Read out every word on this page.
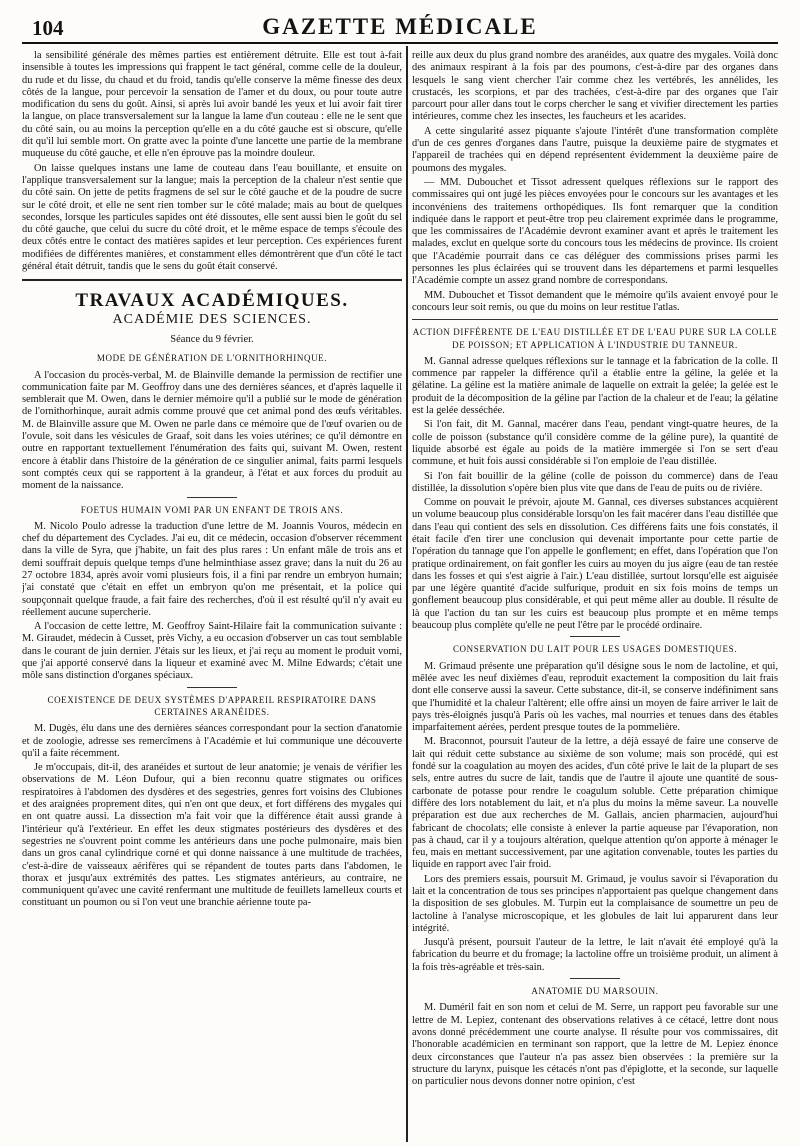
104	GAZETTE MÉDICALE

la sensibilité générale des mêmes parties est entièrement détruite. Elle est tout à-fait insensible à toutes les impressions qui frappent le tact général, comme celle de la douleur, du rude et du lisse, du chaud et du froid, tandis qu'elle conserve la même finesse des deux côtés de la langue, pour percevoir la sensation de l'amer et du doux, ou pour toute autre modification du sens du goût. Ainsi, si après lui avoir bandé les yeux et lui avoir fait tirer la langue, on place transversalement sur la langue la lame d'un couteau : elle ne le sent que du côté sain, ou au moins la perception qu'elle en a du côté gauche est si obscure, qu'elle dit qu'il lui semble mort. On gratte avec la pointe d'une lancette une partie de la membrane muqueuse du côté gauche, et elle n'en éprouve pas la moindre douleur.

On laisse quelques instans une lame de couteau dans l'eau bouillante, et ensuite on l'applique transversalement sur la langue; mais la perception de la chaleur n'est sentie que du côté sain. On jette de petits fragmens de sel sur le côté gauche et de la poudre de sucre sur le côté droit, et elle ne sent rien tomber sur le côté malade; mais au bout de quelques secondes, lorsque les particules sapides ont été dissoutes, elle sent aussi bien le goût du sel du côté gauche, que celui du sucre du côté droit, et le même espace de temps s'écoule des deux côtés entre le contact des matières sapides et leur perception. Ces expériences furent modifiées de différentes manières, et constamment elles démontrèrent que d'un côté le tact général était détruit, tandis que le sens du goût était conservé.

TRAVAUX ACADÉMIQUES.
ACADÉMIE DES SCIENCES.
Séance du 9 février.
MODE DE GÉNÉRATION DE L'ORNITHORHINQUE.

A l'occasion du procès-verbal, M. de Blainville demande la permission de rectifier une communication faite par M. Geoffroy dans une des dernières séances, et d'après laquelle il semblerait que M. Owen, dans le dernier mémoire qu'il a publié sur le mode de génération de l'ornithorhinque, aurait admis comme prouvé que cet animal pond des œufs véritables. M. de Blainville assure que M. Owen ne parle dans ce mémoire que de l'œuf ovarien ou de l'ovule, soit dans les vésicules de Graaf, soit dans les voies utérines; ce qu'il démontre en outre en rapportant textuellement l'énumération des faits qui, suivant M. Owen, restent encore à établir dans l'histoire de la génération de ce singulier animal, faits parmi lesquels sont comptés ceux qui se rapportent à la grandeur, à l'état et aux forces du produit au moment de la naissance.

FOETUS HUMAIN VOMI PAR UN ENFANT DE TROIS ANS.

M. Nicolo Poulo adresse la traduction d'une lettre de M. Joannis Vouros, médecin en chef du département des Cyclades. J'ai eu, dit ce médecin, occasion d'observer récemment dans la ville de Syra, que j'habite, un fait des plus rares : Un enfant mâle de trois ans et demi souffrait depuis quelque temps d'une helminthiase assez grave; dans la nuit du 26 au 27 octobre 1834, après avoir vomi plusieurs fois, il a fini par rendre un embryon humain; j'ai constaté que c'était en effet un embryon qu'on me présentait, et la police qui soupçonnait quelque fraude, a fait faire des recherches, d'où il est résulté qu'il n'y avait eu réellement aucune supercherie.

A l'occasion de cette lettre, M. Geoffroy Saint-Hilaire fait la communication suivante : M. Giraudet, médecin à Cusset, près Vichy, a eu occasion d'observer un cas tout semblable dans le courant de juin dernier. J'étais sur les lieux, et j'ai reçu au moment le produit vomi, que j'ai apporté conservé dans la liqueur et examiné avec M. Milne Edwards; c'était une môle sans distinction d'organes spéciaux.

COEXISTENCE DE DEUX SYSTÈMES D'APPAREIL RESPIRATOIRE DANS CERTAINES ARANÉIDES.

M. Dugès, élu dans une des dernières séances correspondant pour la section d'anatomie et de zoologie, adresse ses remercîmens à l'Académie et lui communique une découverte qu'il a faite récemment.

Je m'occupais, dit-il, des aranéides et surtout de leur anatomie; je venais de vérifier les observations de M. Léon Dufour, qui a bien reconnu quatre stigmates ou orifices respiratoires à l'abdomen des dysdères et des segestries, genres fort voisins des Clubiones et des araignées proprement dites, qui n'en ont que deux, et fort différens des mygales qui en ont quatre aussi. La dissection m'a fait voir que la différence était aussi grande à l'intérieur qu'à l'extérieur. En effet les deux stigmates postérieurs des dysdères et des segestries ne s'ouvrent point comme les antérieurs dans une poche pulmonaire, mais bien dans un gros canal cylindrique corné et qui donne naissance à une multitude de trachées, c'est-à-dire de vaisseaux aérifères qui se répandent de toutes parts dans l'abdomen, le thorax et jusqu'aux extrémités des pattes. Les stigmates antérieurs, au contraire, ne communiquent qu'avec une cavité renfermant une multitude de feuillets lamelleux courts et constituant un poumon ou si l'on veut une branchie aérienne toute pa-

reille aux deux du plus grand nombre des aranéides, aux quatre des mygales. Voilà donc des animaux respirant à la fois par des poumons, c'est-à-dire par des organes dans lesquels le sang vient chercher l'air comme chez les vertébrés, les annélides, les crustacés, les scorpions, et par des trachées, c'est-à-dire par des organes que l'air parcourt pour aller dans tout le corps chercher le sang et vivifier directement les parties intérieures, comme chez les insectes, les faucheurs et les acarides.

A cette singularité assez piquante s'ajoute l'intérêt d'une transformation complète d'un de ces genres d'organes dans l'autre, puisque la deuxième paire de stygmates et l'appareil de trachées qui en dépend représentent évidemment la deuxième paire de poumons des mygales.

— MM. Dubouchet et Tissot adressent quelques réflexions sur le rapport des commissaires qui ont jugé les pièces envoyées pour le concours sur les avantages et les inconvéniens des traitemens orthopédiques. Ils font remarquer que la condition indiquée dans le rapport et peut-être trop peu clairement exprimée dans le programme, que les commissaires de l'Académie devront examiner avant et après le traitement les malades, exclut en quelque sorte du concours tous les médecins de province. Ils croient que l'Académie pourrait dans ce cas déléguer des commissions prises parmi les personnes les plus éclairées qui se trouvent dans les départemens et parmi lesquelles l'Académie compte un assez grand nombre de correspondans.

MM. Dubouchet et Tissot demandent que le mémoire qu'ils avaient envoyé pour le concours leur soit remis, ou que du moins on leur restitue l'atlas.

ACTION DIFFÉRENTE DE L'EAU DISTILLÉE ET DE L'EAU PURE SUR LA COLLE DE POISSON; ET APPLICATION À L'INDUSTRIE DU TANNEUR.

M. Gannal adresse quelques réflexions sur le tannage et la fabrication de la colle. Il commence par rappeler la différence qu'il a établie entre la géline, la gelée et la gélatine. La géline est la matière animale de laquelle on extrait la gelée; la gelée est le produit de la décomposition de la géline par l'action de la chaleur et de l'eau; la gélatine est la gelée desséchée.

Si l'on fait, dit M. Gannal, macérer dans l'eau, pendant vingt-quatre heures, de la colle de poisson (substance qu'il considère comme de la géline pure), la quantité de liquide absorbé est égale au poids de la matière immergée si l'on se sert d'eau commune, et huit fois aussi considérable si l'on emploie de l'eau distillée.

Si l'on fait bouillir de la géline (colle de poisson du commerce) dans de l'eau distillée, la dissolution s'opère bien plus vite que dans de l'eau de puits ou de rivière.

Comme on pouvait le prévoir, ajoute M. Gannal, ces diverses substances acquièrent un volume beaucoup plus considérable lorsqu'on les fait macérer dans l'eau distillée que dans l'eau qui contient des sels en dissolution. Ces différens faits une fois constatés, il était facile d'en tirer une conclusion qui devenait importante pour cette partie de l'opération du tannage que l'on appelle le gonflement; en effet, dans l'opération que l'on pratique ordinairement, on fait gonfler les cuirs au moyen du jus aigre (eau de tan restée dans les fosses et qui s'est aigrie à l'air.) L'eau distillée, surtout lorsqu'elle est aiguisée par une légère quantité d'acide sulfurique, produit en six fois moins de temps un gonflement beaucoup plus considérable, et qui peut même aller au double. Il résulte de là que l'action du tan sur les cuirs est beaucoup plus prompte et en même temps beaucoup plus complète qu'elle ne peut l'être par le procédé ordinaire.

CONSERVATION DU LAIT POUR LES USAGES DOMESTIQUES.

M. Grimaud présente une préparation qu'il désigne sous le nom de lactoline, et qui, mêlée avec les neuf dixièmes d'eau, reproduit exactement la composition du lait frais dont elle conserve aussi la saveur. Cette substance, dit-il, se conserve indéfiniment sans que l'humidité et la chaleur l'altèrent; elle offre ainsi un moyen de faire arriver le lait de pays très-éloignés jusqu'à Paris où les vaches, mal nourries et tenues dans des étables imparfaitement aérées, perdent presque toutes de la pommelière.

M. Braconnot, poursuit l'auteur de la lettre, a déjà essayé de faire une conserve de lait qui réduit cette substance au sixième de son volume; mais son procédé, qui est fondé sur la coagulation au moyen des acides, d'un côté prive le lait de la plupart de ses sels, entre autres du sucre de lait, tandis que de l'autre il ajoute une quantité de sous-carbonate de potasse pour rendre le coagulum soluble. Cette préparation chimique diffère des lors notablement du lait, et n'a plus du moins la même saveur. La nouvelle préparation est due aux recherches de M. Gallais, ancien pharmacien, aujourd'hui fabricant de chocolats; elle consiste à enlever la partie aqueuse par l'évaporation, non pas à chaud, car il y a toujours altération, quelque attention qu'on apporte à ménager le feu, mais en mettant successivement, par une agitation convenable, toutes les parties du liquide en rapport avec l'air froid.

Lors des premiers essais, poursuit M. Grimaud, je voulus savoir si l'évaporation du lait et la concentration de tous ses principes n'apportaient pas quelque changement dans la disposition de ses globules. M. Turpin eut la complaisance de soumettre un peu de lactoline à l'analyse microscopique, et les globules de lait lui apparurent dans leur intégrité.

Jusqu'à présent, poursuit l'auteur de la lettre, le lait n'avait été employé qu'à la fabrication du beurre et du fromage; la lactoline offre un troisième produit, un aliment à la fois très-agréable et très-sain.

ANATOMIE DU MARSOUIN.

M. Duméril fait en son nom et celui de M. Serre, un rapport peu favorable sur une lettre de M. Lepiez, contenant des observations relatives à ce cétacé, lettre dont nous avons donné précédemment une courte analyse. Il résulte pour vos commissaires, dit l'honorable académicien en terminant son rapport, que la lettre de M. Lepiez énonce deux circonstances que l'auteur n'a pas assez bien observées : la première sur la structure du larynx, puisque les cétacés n'ont pas d'épiglotte, et la seconde, sur laquelle on particulier nous devons donner notre opinion, c'est
